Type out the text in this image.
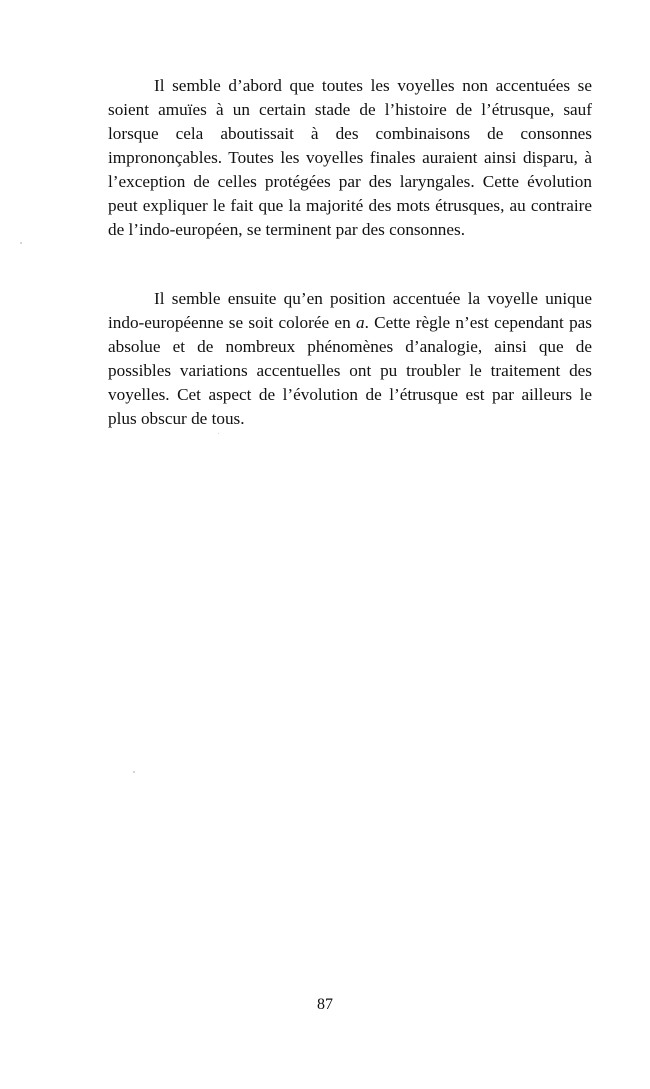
Il semble d’abord que toutes les voyelles non accentuées se soient amuïes à un certain stade de l’histoire de l’étrusque, sauf lorsque cela aboutissait à des combinaisons de consonnes imprononçables. Toutes les voyelles finales auraient ainsi disparu, à l’exception de celles protégées par des laryngales. Cette évolution peut expliquer le fait que la majorité des mots étrusques, au contraire de l’indo-européen, se terminent par des consonnes.

Il semble ensuite qu’en position accentuée la voyelle unique indo-européenne se soit colorée en a. Cette règle n’est cependant pas absolue et de nombreux phénomènes d’analogie, ainsi que de possibles variations accentuelles ont pu troubler le traitement des voyelles. Cet aspect de l’évolution de l’étrusque est par ailleurs le plus obscur de tous.

87
